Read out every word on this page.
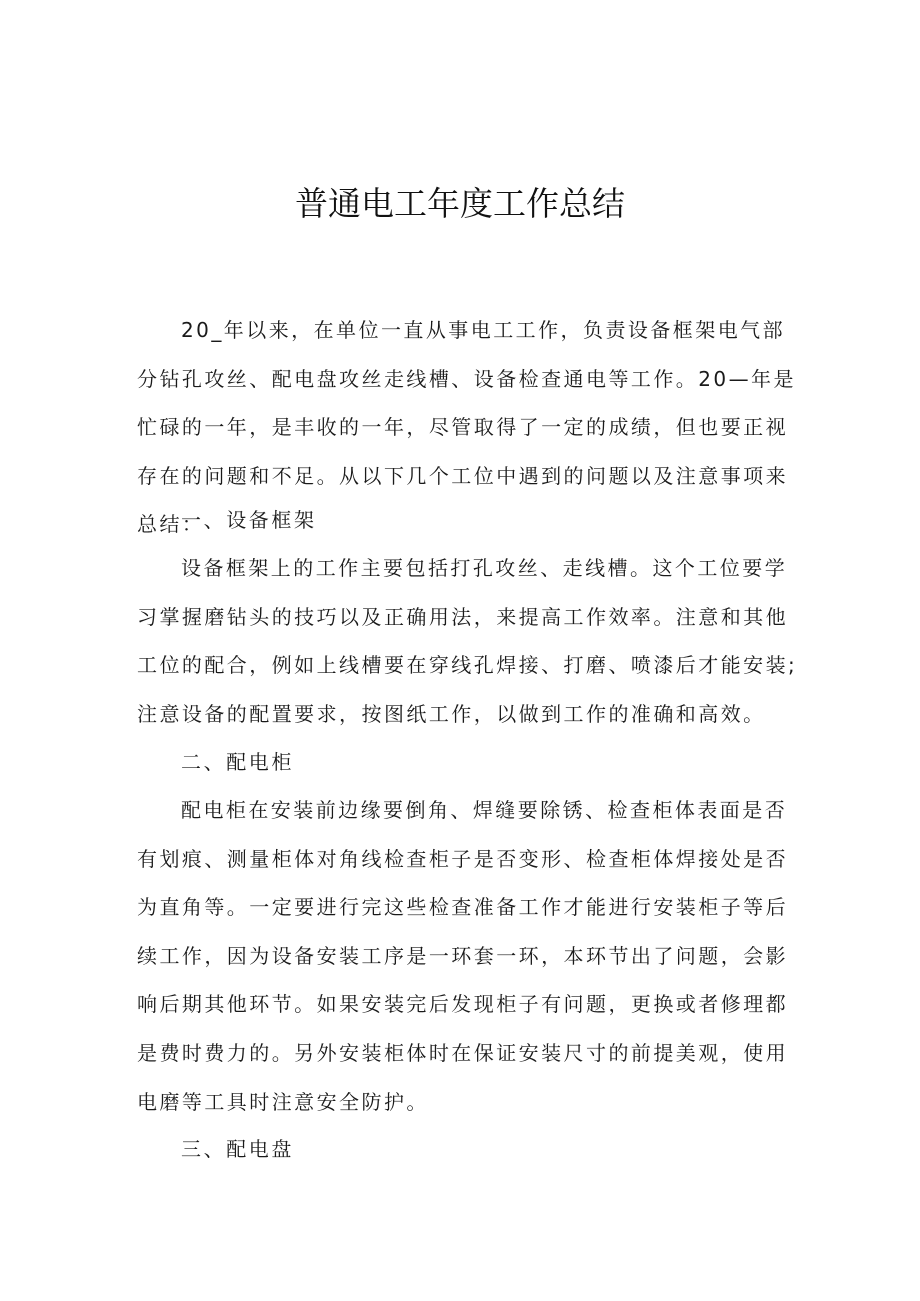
普通电工年度工作总结

20_年以来，在单位一直从事电工工作，负责设备框架电气部分钻孔攻丝、配电盘攻丝走线槽、设备检查通电等工作。20—年是忙碌的一年，是丰收的一年，尽管取得了一定的成绩，但也要正视存在的问题和不足。从以下几个工位中遇到的问题以及注意事项来总结：

一、设备框架

设备框架上的工作主要包括打孔攻丝、走线槽。这个工位要学习掌握磨钻头的技巧以及正确用法，来提高工作效率。注意和其他工位的配合，例如上线槽要在穿线孔焊接、打磨、喷漆后才能安装;注意设备的配置要求，按图纸工作，以做到工作的准确和高效。

二、配电柜

配电柜在安装前边缘要倒角、焊缝要除锈、检查柜体表面是否有划痕、测量柜体对角线检查柜子是否变形、检查柜体焊接处是否为直角等。一定要进行完这些检查准备工作才能进行安装柜子等后续工作，因为设备安装工序是一环套一环，本环节出了问题，会影响后期其他环节。如果安装完后发现柜子有问题，更换或者修理都是费时费力的。另外安装柜体时在保证安装尺寸的前提美观，使用电磨等工具时注意安全防护。

三、配电盘
